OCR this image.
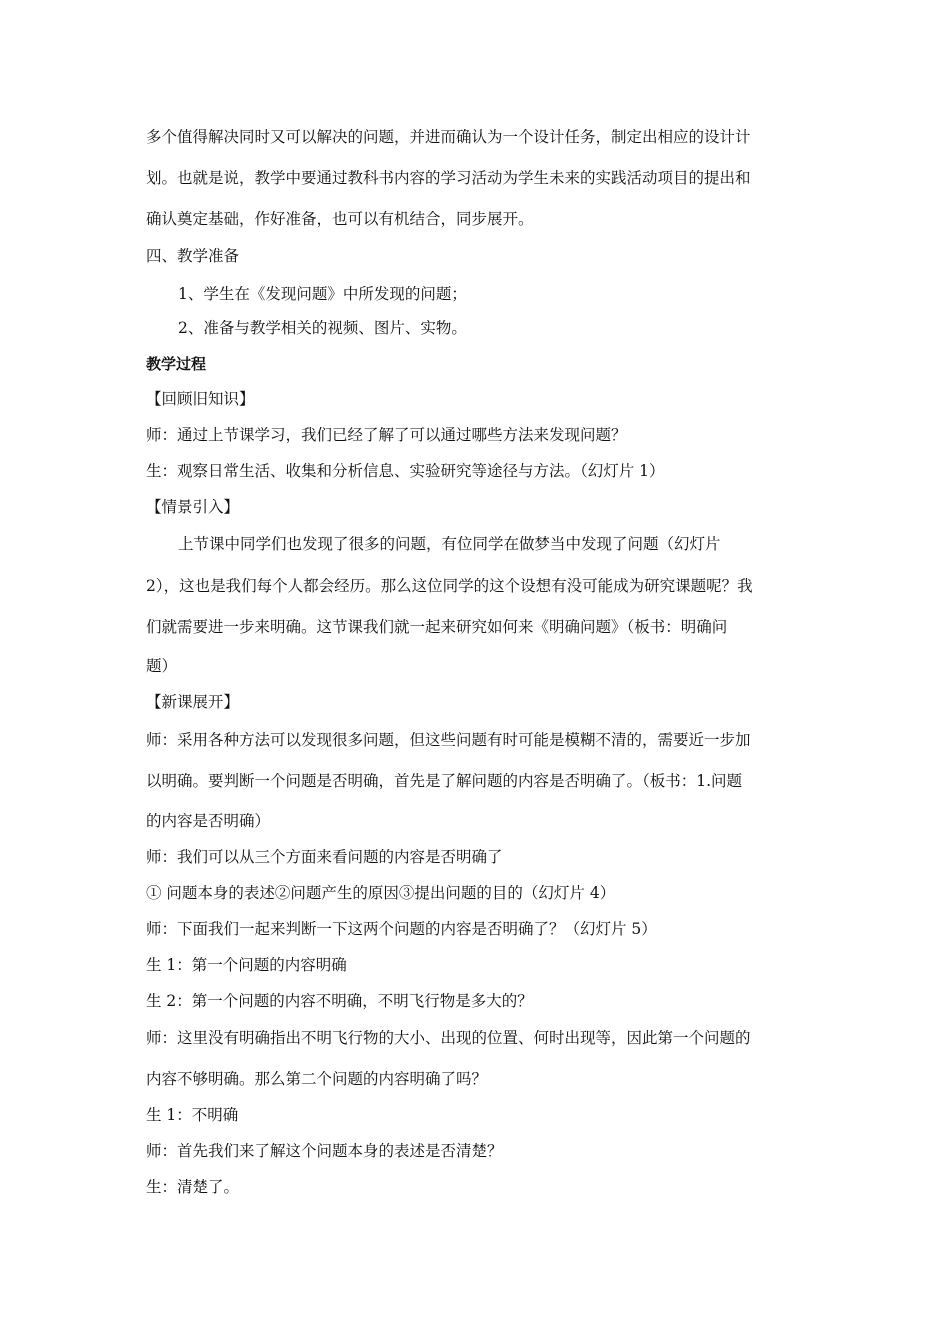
多个值得解决同时又可以解决的问题，并进而确认为一个设计任务，制定出相应的设计计
划。也就是说，教学中要通过教科书内容的学习活动为学生未来的实践活动项目的提出和
确认奠定基础，作好准备，也可以有机结合，同步展开。
四、教学准备
1、学生在《发现问题》中所发现的问题；
2、准备与教学相关的视频、图片、实物。
教学过程
【回顾旧知识】
师：通过上节课学习，我们已经了解了可以通过哪些方法来发现问题？
生：观察日常生活、收集和分析信息、实验研究等途径与方法。（幻灯片 1）
【情景引入】
上节课中同学们也发现了很多的问题，有位同学在做梦当中发现了问题（幻灯片
2），这也是我们每个人都会经历。那么这位同学的这个设想有没可能成为研究课题呢？我
们就需要进一步来明确。这节课我们就一起来研究如何来《明确问题》（板书：明确问
题）
【新课展开】
师：采用各种方法可以发现很多问题，但这些问题有时可能是模糊不清的，需要近一步加
以明确。要判断一个问题是否明确，首先是了解问题的内容是否明确了。（板书：1.问题
的内容是否明确）
师：我们可以从三个方面来看问题的内容是否明确了
① 问题本身的表述②问题产生的原因③提出问题的目的（幻灯片 4）
师：下面我们一起来判断一下这两个问题的内容是否明确了？（幻灯片 5）
生 1：第一个问题的内容明确
生 2：第一个问题的内容不明确，不明飞行物是多大的？
师：这里没有明确指出不明飞行物的大小、出现的位置、何时出现等，因此第一个问题的
内容不够明确。那么第二个问题的内容明确了吗？
生 1：不明确
师：首先我们来了解这个问题本身的表述是否清楚？
生：清楚了。
